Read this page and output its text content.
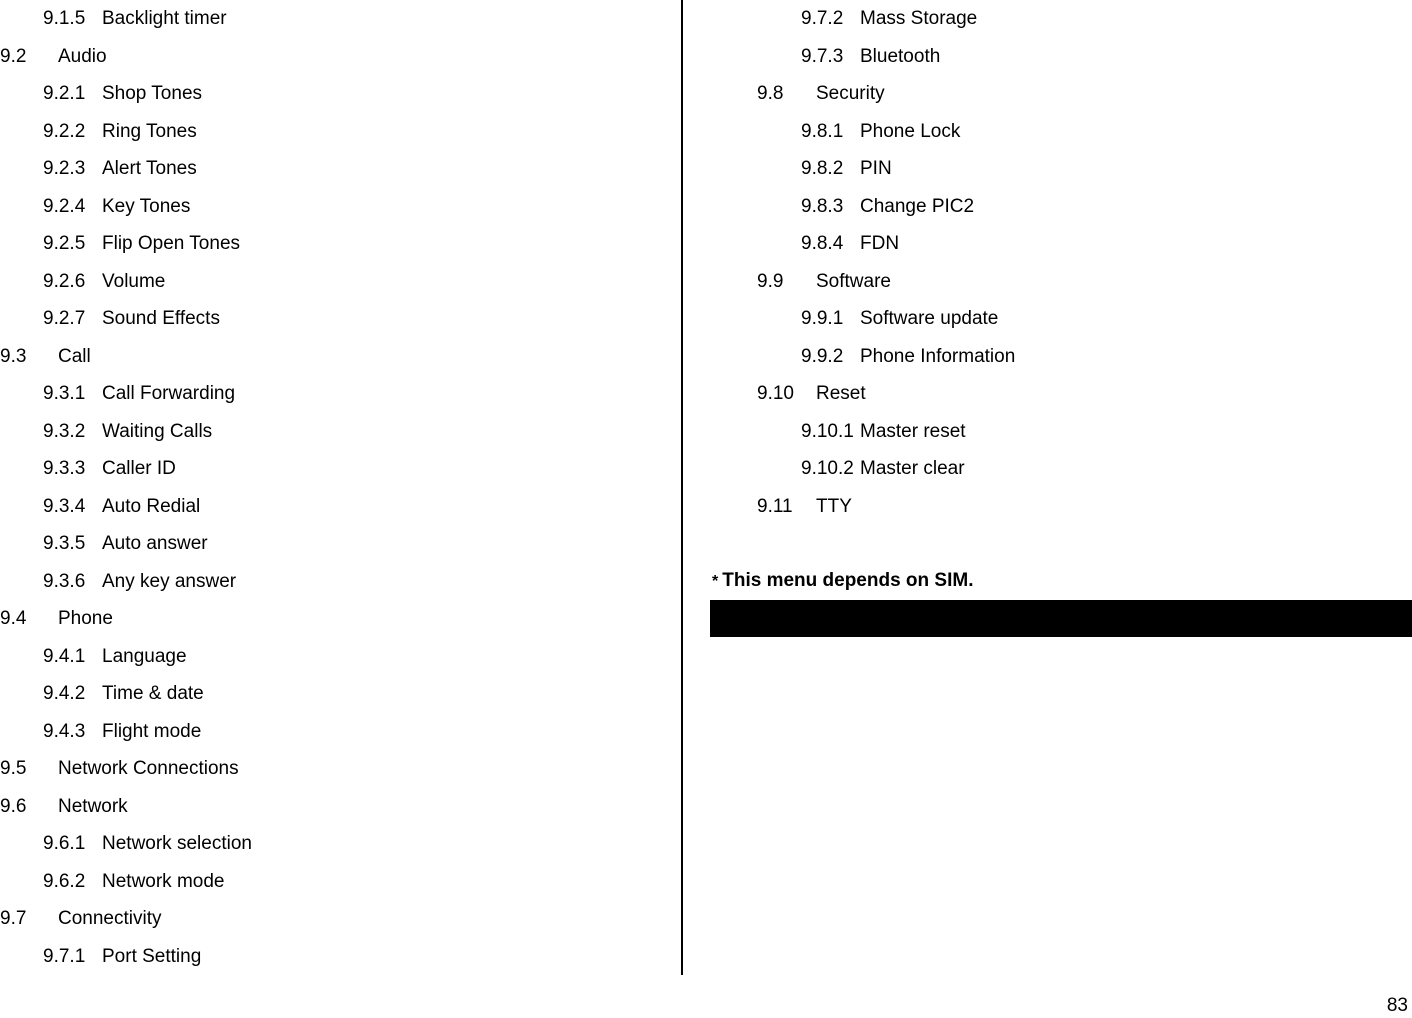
9.1.5 Backlight timer
9.2 Audio
9.2.1 Shop Tones
9.2.2 Ring Tones
9.2.3 Alert Tones
9.2.4 Key Tones
9.2.5 Flip Open Tones
9.2.6 Volume
9.2.7 Sound Effects
9.3 Call
9.3.1 Call Forwarding
9.3.2 Waiting Calls
9.3.3 Caller ID
9.3.4 Auto Redial
9.3.5 Auto answer
9.3.6 Any key answer
9.4 Phone
9.4.1 Language
9.4.2 Time & date
9.4.3 Flight mode
9.5 Network Connections
9.6 Network
9.6.1 Network selection
9.6.2 Network mode
9.7 Connectivity
9.7.1 Port Setting
* This menu depends on SIM.
9.7.2 Mass Storage
9.7.3 Bluetooth
9.8 Security
9.8.1 Phone Lock
9.8.2 PIN
9.8.3 Change PIC2
9.8.4 FDN
9.9 Software
9.9.1 Software update
9.9.2 Phone Information
9.10 Reset
9.10.1 Master reset
9.10.2 Master clear
9.11 TTY
83
